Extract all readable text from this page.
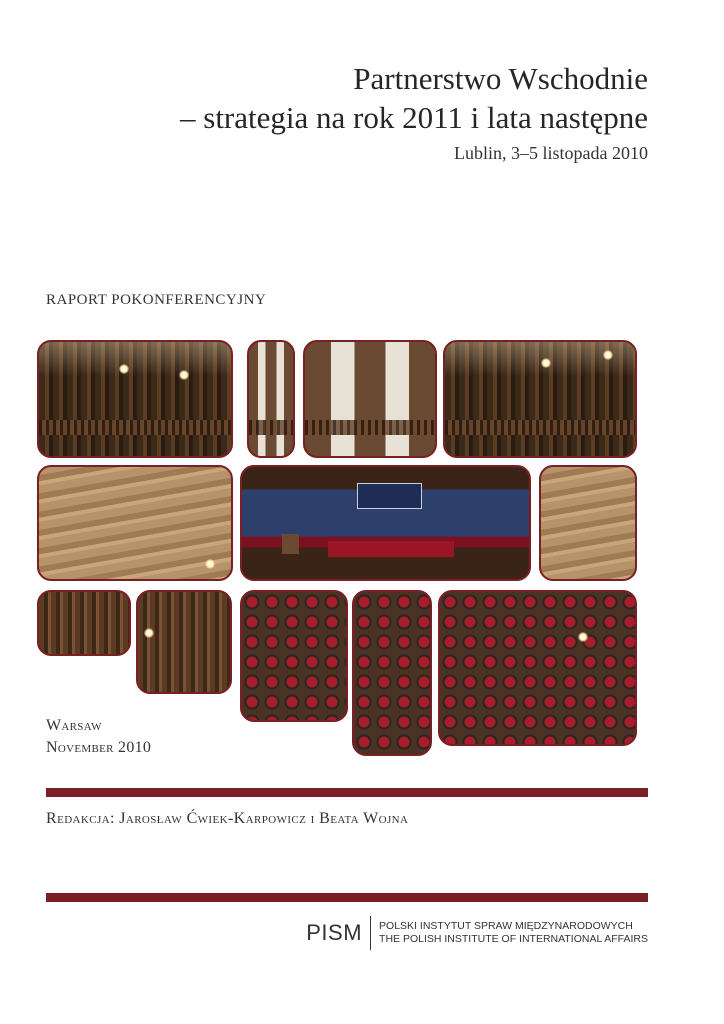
Partnerstwo Wschodnie
– strategia na rok 2011 i lata następne
Lublin, 3–5 listopada 2010
RAPORT POKONFERENCYJNY
Warsaw
November 2010
Redakcja: Jarosław Ćwiek-Karpowicz i Beata Wojna
PISM	POLSKI INSTYTUT SPRAW MIĘDZYNARODOWYCH
THE POLISH INSTITUTE OF INTERNATIONAL AFFAIRS
